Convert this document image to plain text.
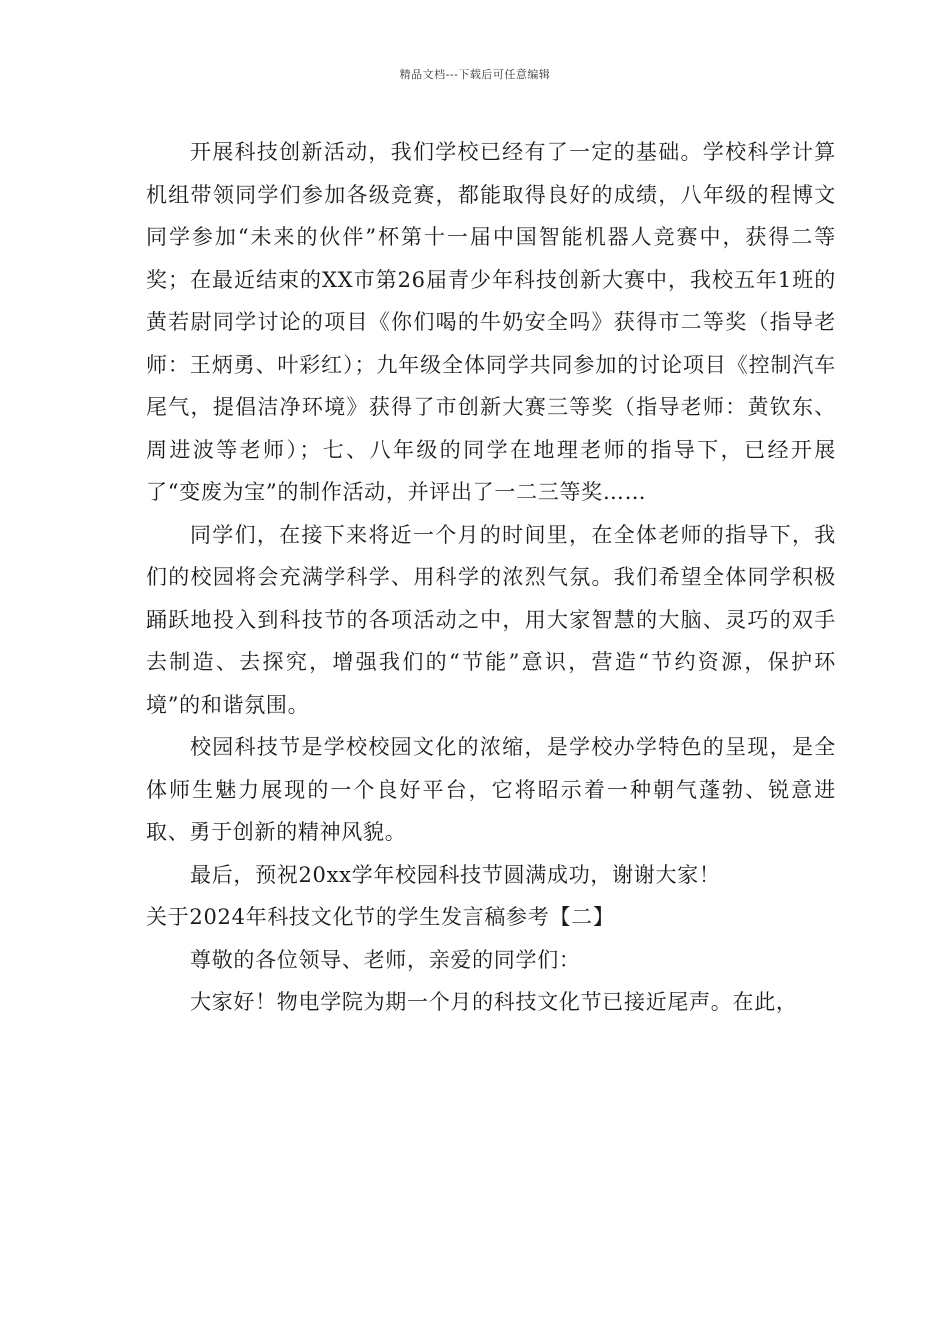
精品文档---下载后可任意编辑

开展科技创新活动，我们学校已经有了一定的基础。学校科学计算机组带领同学们参加各级竞赛，都能取得良好的成绩，八年级的程博文同学参加“未来的伙伴”杯第十一届中国智能机器人竞赛中，获得二等奖；在最近结束的XX市第26届青少年科技创新大赛中，我校五年1班的黄若尉同学讨论的项目《你们喝的牛奶安全吗》获得市二等奖（指导老师：王炳勇、叶彩红）；九年级全体同学共同参加的讨论项目《控制汽车尾气，提倡洁净环境》获得了市创新大赛三等奖（指导老师：黄钦东、周进波等老师）；七、八年级的同学在地理老师的指导下，已经开展了“变废为宝”的制作活动，并评出了一二三等奖……

同学们，在接下来将近一个月的时间里，在全体老师的指导下，我们的校园将会充满学科学、用科学的浓烈气氛。我们希望全体同学积极踊跃地投入到科技节的各项活动之中，用大家智慧的大脑、灵巧的双手去制造、去探究，增强我们的“节能”意识，营造“节约资源，保护环境”的和谐氛围。

校园科技节是学校校园文化的浓缩，是学校办学特色的呈现，是全体师生魅力展现的一个良好平台，它将昭示着一种朝气蓬勃、锐意进取、勇于创新的精神风貌。

最后，预祝20xx学年校园科技节圆满成功，谢谢大家！

关于2024年科技文化节的学生发言稿参考【二】

尊敬的各位领导、老师，亲爱的同学们：

大家好！物电学院为期一个月的科技文化节已接近尾声。在此，
